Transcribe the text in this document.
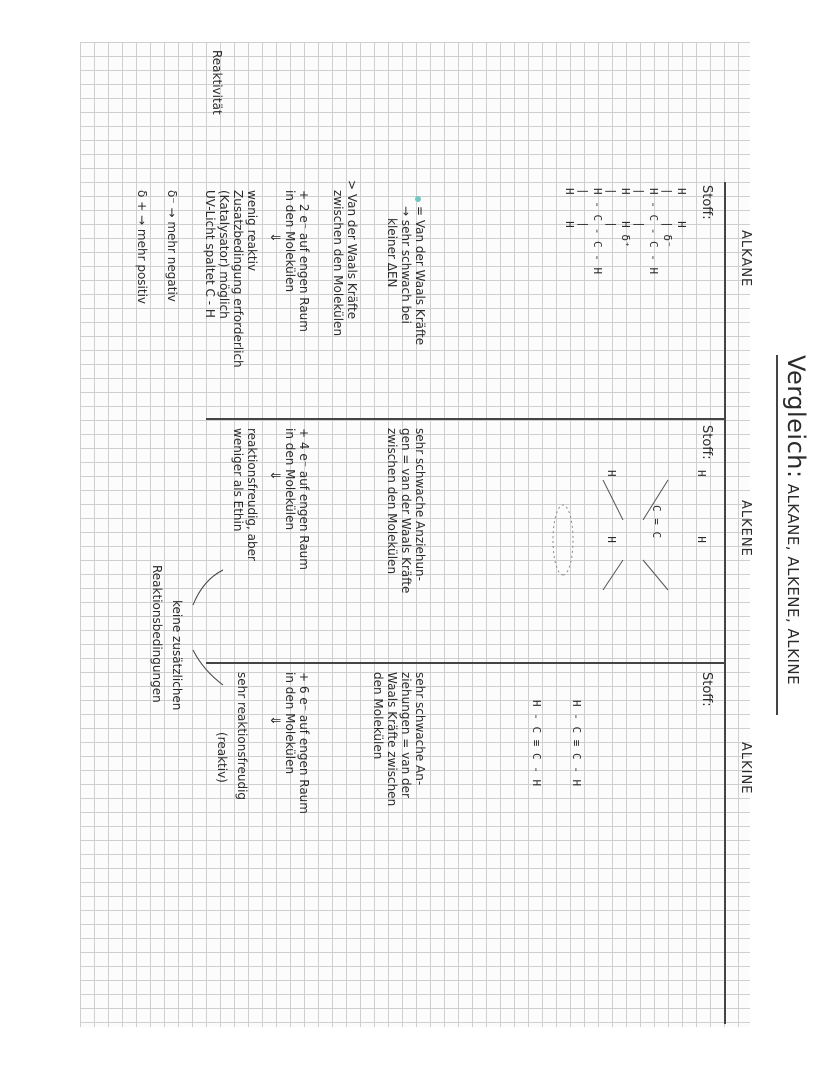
Vergleich: ALKANE, ALKENE, ALKINE
ALKANE
ALKENE
ALKINE
Reaktivität
Stoff:
H    H
|    | δ⁻
H - C - C - H
|    |
H    H δ⁺
|    |
H - C - C - H
|    |
H    H
= Van der Waals Kräfte
→ sehr schwach bei
kleiner ΔEN
> Van der Waals Kräfte
zwischen den Molekülen
+ 2 e⁻ auf engen Raum
in den Molekülen
⇓
wenig reaktiv
Zusatzbedingung erforderlich
(Katalysator) möglich
UV-Licht spaltet C - H
δ⁻ → mehr negativ
δ + → mehr positiv
Stoff:
H         H
C = C
H         H
sehr schwache Anziehun-
gen = van der Waals Kräfte
zwischen den Molekülen
+ 4 e⁻ auf engen Raum
in den Molekülen
⇓
reaktionsfreudig, aber
weniger als Ethin
Stoff:
H - C ≡ C - H
H - C ≡ C - H
sehr schwache An-
ziehungen = van der
Waals Kräfte zwischen
den Molekülen
+ 6 e⁻ auf engen Raum
in den Molekülen
⇓
sehr reaktionsfreudig
(reaktiv)
keine zusätzlichen
Reaktionsbedingungen
